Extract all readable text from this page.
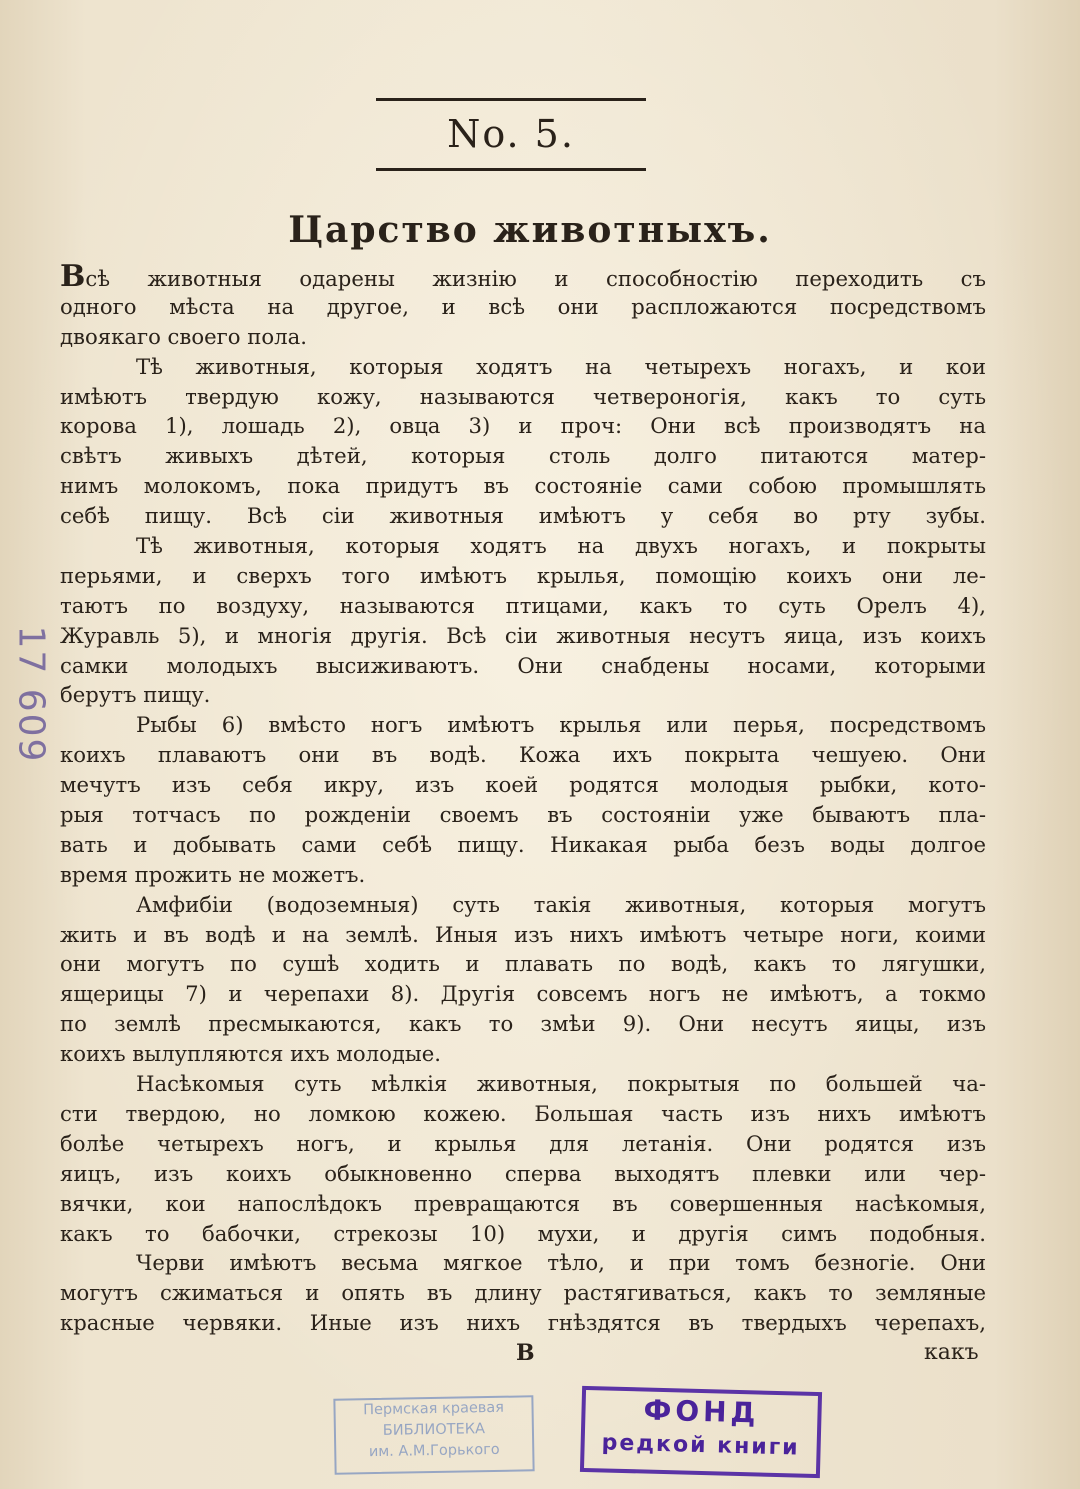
No. 5.
Царство животныхъ.
Всѣ животныя одарены жизнію и способностію переходить съ
одного мѣста на другое, и всѣ они распложаются посредствомъ
двоякаго своего пола.
Тѣ животныя, которыя ходятъ на четырехъ ногахъ, и кои
имѣютъ твердую кожу, называются четвероногія, какъ то суть
корова 1), лошадь 2), овца 3) и проч: Они всѣ производятъ на
свѣтъ живыхъ дѣтей, которыя столь долго питаются матер-
нимъ молокомъ, пока придутъ въ состояніе сами собою промышлять
себѣ пищу. Всѣ сіи животныя имѣютъ у себя во рту зубы.
Тѣ животныя, которыя ходятъ на двухъ ногахъ, и покрыты
перьями, и сверхъ того имѣютъ крылья, помощію коихъ они ле-
таютъ по воздуху, называются птицами, какъ то суть Орелъ 4),
Журавль 5), и многія другія. Всѣ сіи животныя несутъ яица, изъ коихъ
самки молодыхъ высиживаютъ. Они снабдены носами, которыми
берутъ пищу.
Рыбы 6) вмѣсто ногъ имѣютъ крылья или перья, посредствомъ
коихъ плаваютъ они въ водѣ. Кожа ихъ покрыта чешуею. Они
мечутъ изъ себя икру, изъ коей родятся молодыя рыбки, кото-
рыя тотчасъ по рожденіи своемъ въ состояніи уже бываютъ пла-
вать и добывать сами себѣ пищу. Никакая рыба безъ воды долгое
время прожить не можетъ.
Амфибіи (водоземныя) суть такія животныя, которыя могутъ
жить и въ водѣ и на землѣ. Иныя изъ нихъ имѣютъ четыре ноги, коими
они могутъ по сушѣ ходить и плавать по водѣ, какъ то лягушки,
ящерицы 7) и черепахи 8). Другія совсемъ ногъ не имѣютъ, а токмо
по землѣ пресмыкаются, какъ то змѣи 9). Они несутъ яицы, изъ
коихъ вылупляются ихъ молодые.
Насѣкомыя суть мѣлкія животныя, покрытыя по большей ча-
сти твердою, но ломкою кожею. Большая часть изъ нихъ имѣютъ
болѣе четырехъ ногъ, и крылья для летанія. Они родятся изъ
яицъ, изъ коихъ обыкновенно сперва выходятъ плевки или чер-
вячки, кои напослѣдокъ превращаются въ совершенныя насѣкомыя,
какъ то бабочки, стрекозы 10) мухи, и другія симъ подобныя.
Черви имѣютъ весьма мягкое тѣло, и при томъ безногіе. Они
могутъ сжиматься и опять въ длину растягиваться, какъ то земляные
красные червяки. Иные изъ нихъ гнѣздятся въ твердыхъ черепахъ,
В	какъ
17 609
Пермская краевая
БИБЛИОТЕКА
им. А.М.Горького
ФОНД
редкой книги
